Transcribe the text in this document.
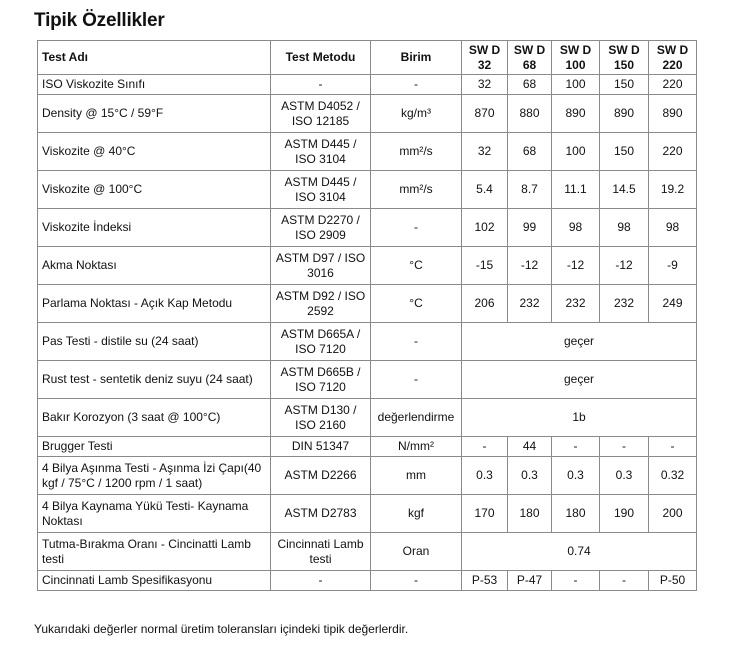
Tipik Özellikler
Test Adı	Test Metodu	Birim	SW D 32	SW D 68	SW D 100	SW D 150	SW D 220
ISO Viskozite Sınıfı	-	-	32	68	100	150	220
Density @ 15°C / 59°F	ASTM D4052 / ISO 12185	kg/m³	870	880	890	890	890
Viskozite @ 40°C	ASTM D445 / ISO 3104	mm²/s	32	68	100	150	220
Viskozite @ 100°C	ASTM D445 / ISO 3104	mm²/s	5.4	8.7	11.1	14.5	19.2
Viskozite İndeksi	ASTM D2270 / ISO 2909	-	102	99	98	98	98
Akma Noktası	ASTM D97 / ISO 3016	°C	-15	-12	-12	-12	-9
Parlama Noktası - Açık Kap Metodu	ASTM D92 / ISO 2592	°C	206	232	232	232	249
Pas Testi - distile su (24 saat)	ASTM D665A / ISO 7120	-	geçer				
Rust test - sentetik deniz suyu (24 saat)	ASTM D665B / ISO 7120	-	geçer				
Bakır Korozyon (3 saat @ 100°C)	ASTM D130 / ISO 2160	değerlendirme	1b				
Brugger Testi	DIN 51347	N/mm²	-	44	-	-	-
4 Bilya Aşınma Testi - Aşınma İzi Çapı(40 kgf / 75°C / 1200 rpm / 1 saat)	ASTM D2266	mm	0.3	0.3	0.3	0.3	0.32
4 Bilya Kaynama Yükü Testi- Kaynama Noktası	ASTM D2783	kgf	170	180	180	190	200
Tutma-Bırakma Oranı - Cincinatti Lamb testi	Cincinnati Lamb testi	Oran	0.74				
Cincinnati Lamb Spesifikasyonu	-	-	P-53	P-47	-	-	P-50
Yukarıdaki değerler normal üretim toleransları içindeki tipik değerlerdir.
